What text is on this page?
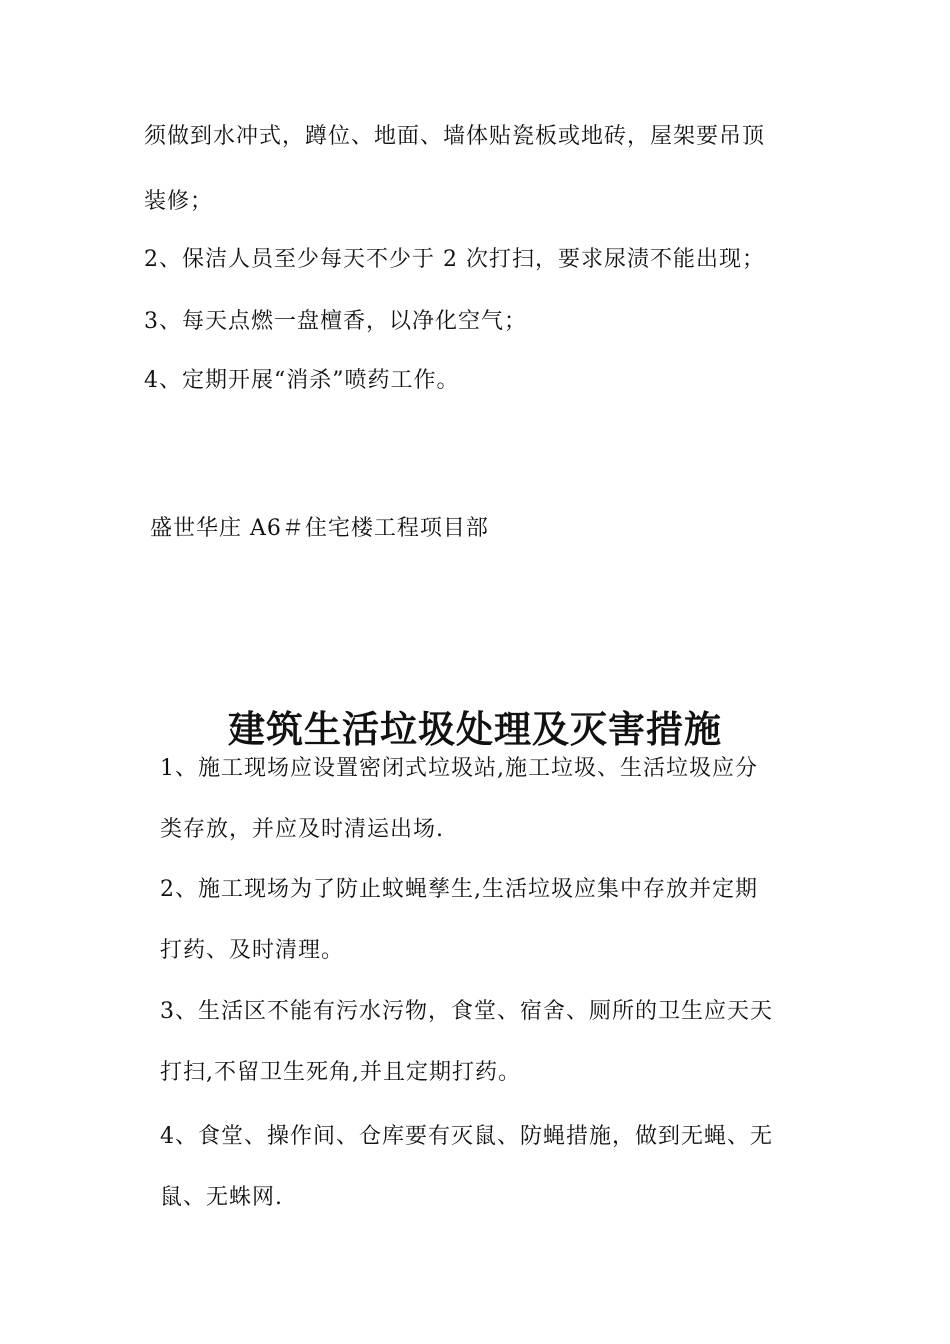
须做到水冲式，蹲位、地面、墙体贴瓷板或地砖，屋架要吊顶
装修；
2、保洁人员至少每天不少于 2 次打扫，要求尿渍不能出现；
3、每天点燃一盘檀香，以净化空气；
4、定期开展“消杀”喷药工作。
盛世华庄 A6＃住宅楼工程项目部
建筑生活垃圾处理及灭害措施
1、施工现场应设置密闭式垃圾站,施工垃圾、生活垃圾应分
类存放，并应及时清运出场.
2、施工现场为了防止蚊蝇孳生,生活垃圾应集中存放并定期
打药、及时清理。
3、生活区不能有污水污物，食堂、宿舍、厕所的卫生应天天
打扫,不留卫生死角,并且定期打药。
4、食堂、操作间、仓库要有灭鼠、防蝇措施，做到无蝇、无
鼠、无蛛网.
